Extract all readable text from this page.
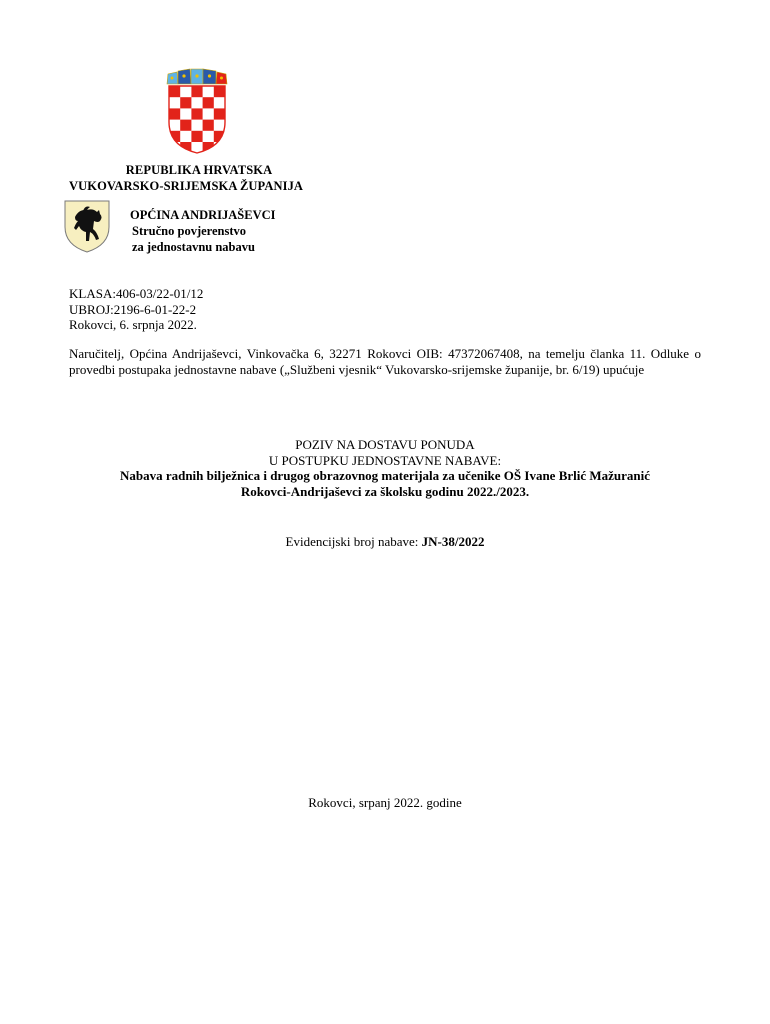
REPUBLIKA HRVATSKA
VUKOVARSKO-SRIJEMSKA ŽUPANIJA
OPĆINA ANDRIJAŠEVCI
Stručno povjerenstvo
za jednostavnu nabavu
KLASA:406-03/22-01/12
UBROJ:2196-6-01-22-2
Rokovci, 6. srpnja 2022.

Naručitelj, Općina Andrijaševci, Vinkovačka 6, 32271 Rokovci OIB: 47372067408, na temelju članka 11. Odluke o provedbi postupaka jednostavne nabave („Službeni vjesnik“ Vukovarsko-srijemske županije, br. 6/19) upućuje

POZIV NA DOSTAVU PONUDA
U POSTUPKU JEDNOSTAVNE NABAVE:
Nabava radnih bilježnica i drugog obrazovnog materijala za učenike OŠ Ivane Brlić Mažuranić
Rokovci-Andrijaševci za školsku godinu 2022./2023.
Evidencijski broj nabave: JN-38/2022
Rokovci, srpanj 2022. godine
